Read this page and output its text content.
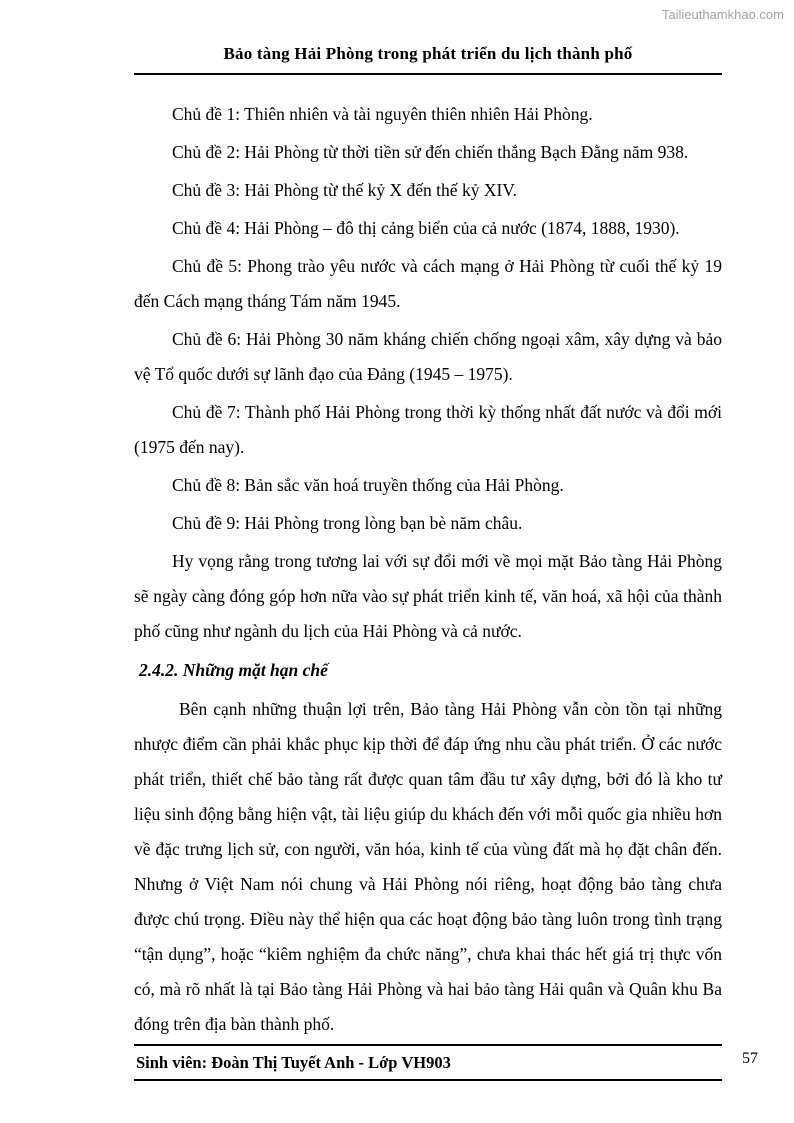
Tailieuthamkhao.com
Bảo tàng Hải Phòng trong phát triển du lịch thành phố

Chủ đề 1: Thiên nhiên và tài nguyên thiên nhiên Hải Phòng.

Chủ đề 2: Hải Phòng từ thời tiền sử đến chiến thắng Bạch Đằng năm 938.

Chủ đề 3: Hải Phòng từ thế kỷ X đến thế kỷ XIV.

Chủ đề 4: Hải Phòng – đô thị cảng biển của cả nước (1874, 1888, 1930).

Chủ đề 5: Phong trào yêu nước và cách mạng ở Hải Phòng từ cuối thế kỷ 19 đến Cách mạng tháng Tám năm 1945.

Chủ đề 6: Hải Phòng 30 năm kháng chiến chống ngoại xâm, xây dựng và bảo vệ Tổ quốc dưới sự lãnh đạo của Đảng (1945 – 1975).

Chủ đề 7: Thành phố Hải Phòng trong thời kỳ thống nhất đất nước và đổi mới (1975 đến nay).

Chủ đề 8: Bản sắc văn hoá truyền thống của Hải Phòng.

Chủ đề 9: Hải Phòng trong lòng bạn bè năm châu.

Hy vọng rằng trong tương lai với sự đổi mới về mọi mặt Bảo tàng Hải Phòng sẽ ngày càng đóng góp hơn nữa vào sự phát triển kinh tế, văn hoá, xã hội của thành phố cũng như ngành du lịch của Hải Phòng và cả nước.

2.4.2. Những mặt hạn chế

Bên cạnh những thuận lợi trên, Bảo tàng Hải Phòng vẫn còn tồn tại những nhược điểm cần phải khắc phục kịp thời để đáp ứng nhu cầu phát triển. Ở các nước phát triển, thiết chế bảo tàng rất được quan tâm đầu tư xây dựng, bởi đó là kho tư liệu sinh động bằng hiện vật, tài liệu giúp du khách đến với mỗi quốc gia nhiều hơn về đặc trưng lịch sử, con người, văn hóa, kinh tế của vùng đất mà họ đặt chân đến. Nhưng ở Việt Nam nói chung và Hải Phòng nói riêng, hoạt động bảo tàng chưa được chú trọng. Điều này thể hiện qua các hoạt động bảo tàng luôn trong tình trạng “tận dụng”, hoặc “kiêm nghiệm đa chức năng”, chưa khai thác hết giá trị thực vốn có, mà rõ nhất là tại Bảo tàng Hải Phòng và hai bảo tàng Hải quân và Quân khu Ba đóng trên địa bàn thành phố.

Sinh viên: Đoàn Thị Tuyết Anh - Lớp VH903	57
